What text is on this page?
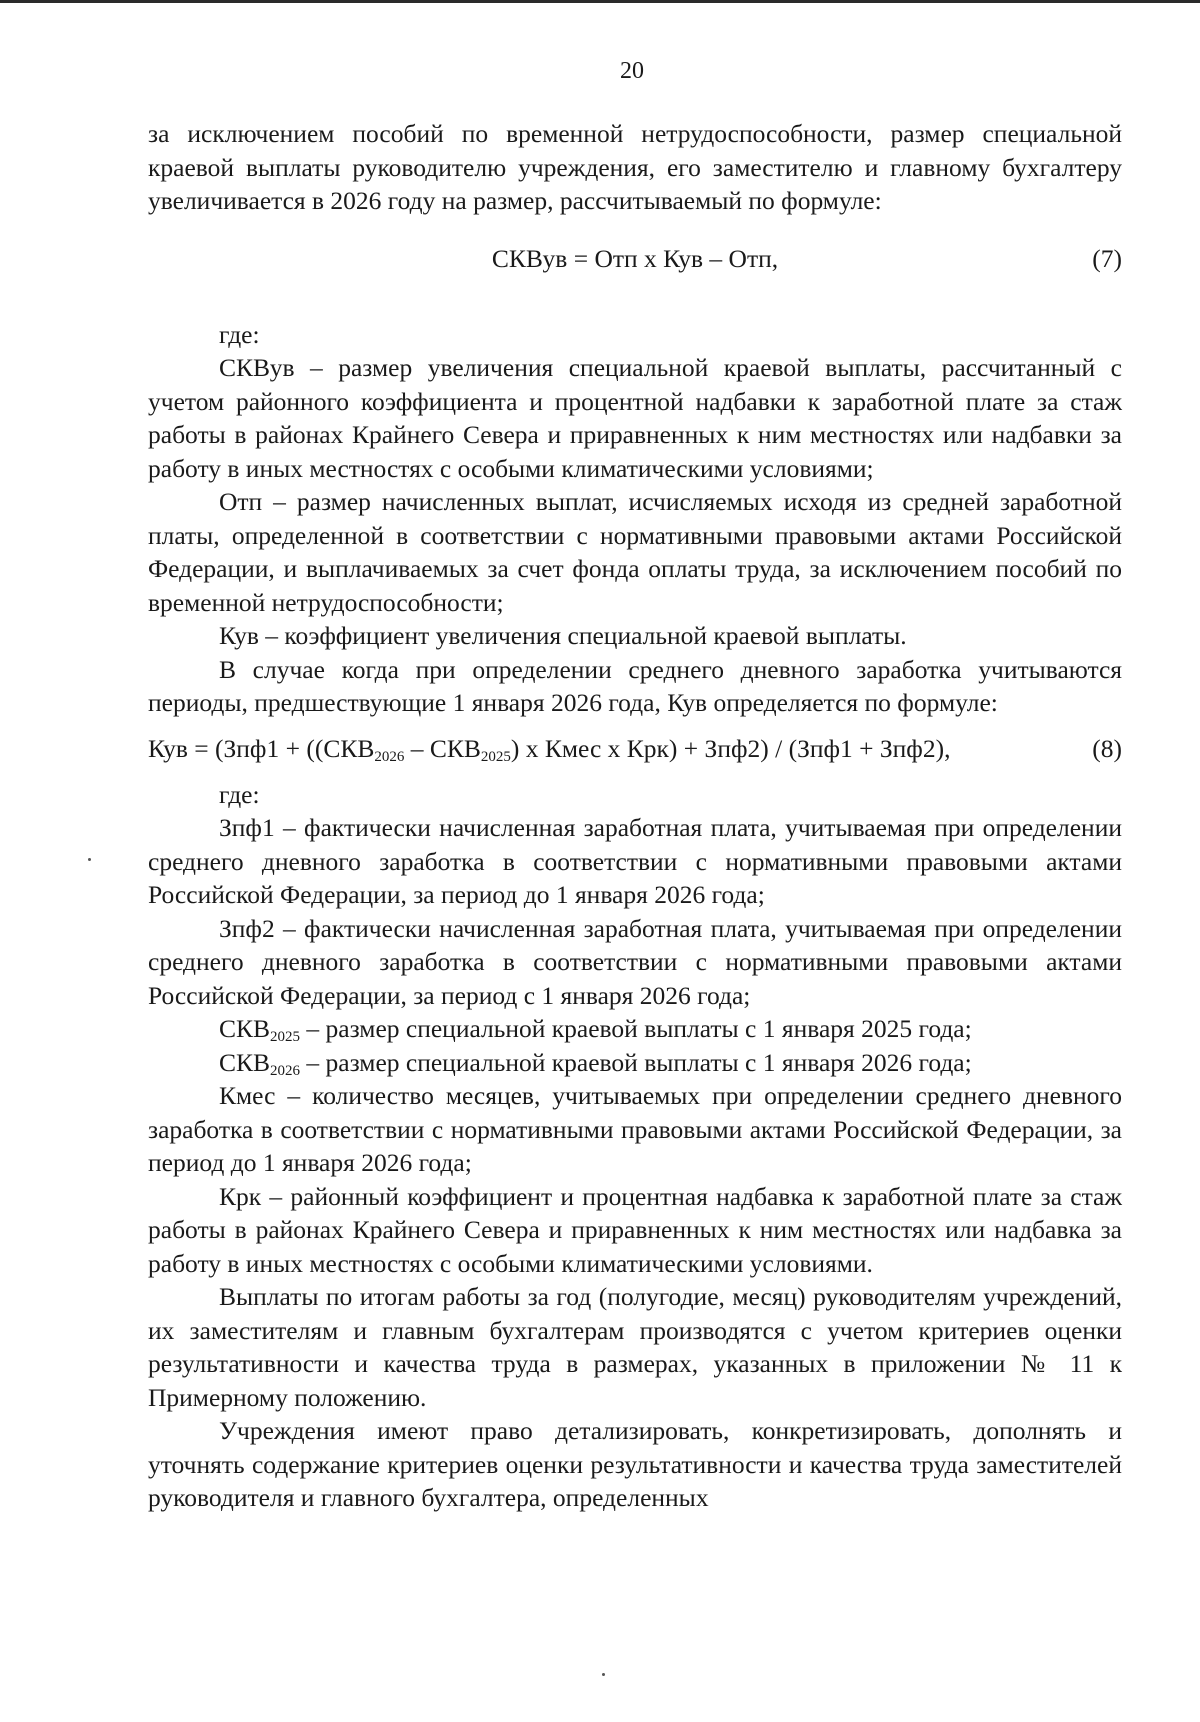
20

за исключением пособий по временной нетрудоспособности, размер специальной краевой выплаты руководителю учреждения, его заместителю и главному бухгалтеру увеличивается в 2026 году на размер, рассчитываемый по формуле:

СКВув = Отп х Кув – Отп,	(7)

где:

СКВув – размер увеличения специальной краевой выплаты, рассчитанный с учетом районного коэффициента и процентной надбавки к заработной плате за стаж работы в районах Крайнего Севера и приравненных к ним местностях или надбавки за работу в иных местностях с особыми климатическими условиями;

Отп – размер начисленных выплат, исчисляемых исходя из средней заработной платы, определенной в соответствии с нормативными правовыми актами Российской Федерации, и выплачиваемых за счет фонда оплаты труда, за исключением пособий по временной нетрудоспособности;

Кув – коэффициент увеличения специальной краевой выплаты.

В случае когда при определении среднего дневного заработка учитываются периоды, предшествующие 1 января 2026 года, Кув определяется по формуле:

Кув = ($Зпф1 + ((СКВ_{2026} - СКВ_{2025})$ х Кмес х Крк) + Зпф2) / (Зпф1 + Зпф2),	(8)

где:

Зпф1 – фактически начисленная заработная плата, учитываемая при определении среднего дневного заработка в соответствии с нормативными правовыми актами Российской Федерации, за период до 1 января 2026 года;

Зпф2 – фактически начисленная заработная плата, учитываемая при определении среднего дневного заработка в соответствии с нормативными правовыми актами Российской Федерации, за период с 1 января 2026 года;

$СКВ_{2025}$ – размер специальной краевой выплаты с 1 января 2025 года;

$СКВ_{2026}$ – размер специальной краевой выплаты с 1 января 2026 года;

Кмес – количество месяцев, учитываемых при определении среднего дневного заработка в соответствии с нормативными правовыми актами Российской Федерации, за период до 1 января 2026 года;

Крк – районный коэффициент и процентная надбавка к заработной плате за стаж работы в районах Крайнего Севера и приравненных к ним местностях или надбавка за работу в иных местностях с особыми климатическими условиями.

Выплаты по итогам работы за год (полугодие, месяц) руководителям учреждений, их заместителям и главным бухгалтерам производятся с учетом критериев оценки результативности и качества труда в размерах, указанных в приложении № 11 к Примерному положению.

Учреждения имеют право детализировать, конкретизировать, дополнять и уточнять содержание критериев оценки результативности и качества труда заместителей руководителя и главного бухгалтера, определенных
